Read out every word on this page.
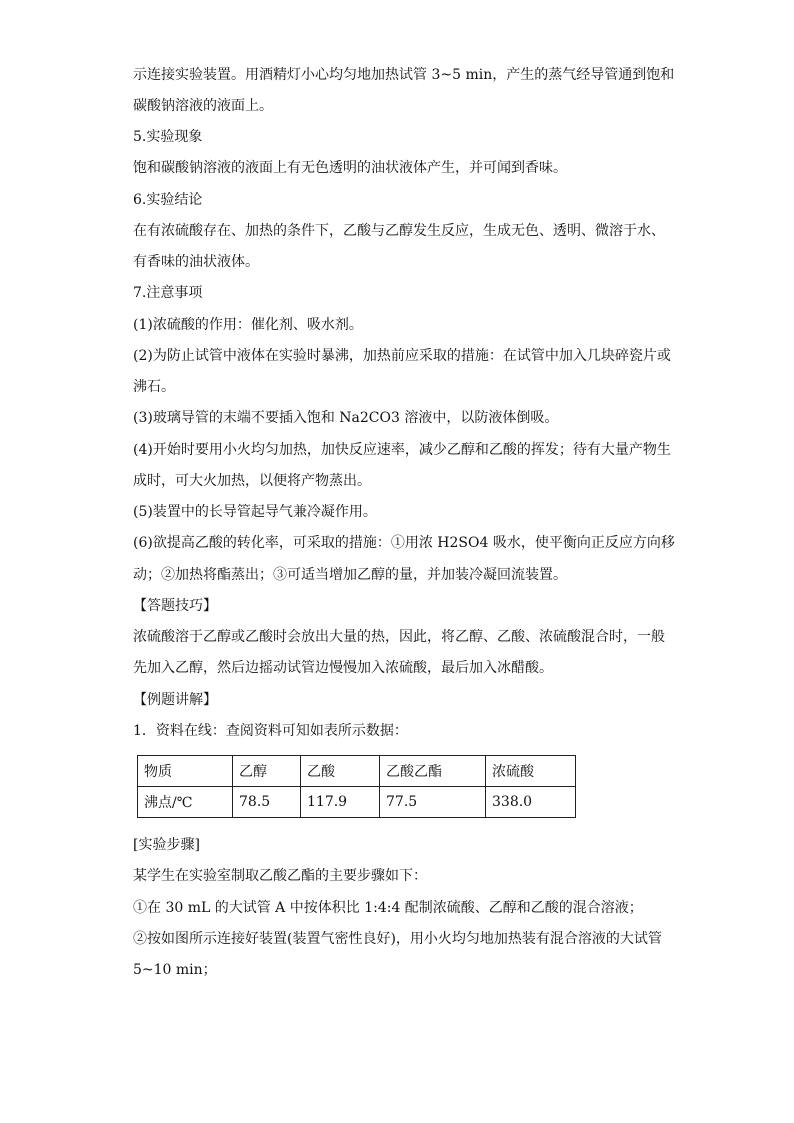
示连接实验装置。用酒精灯小心均匀地加热试管 3~5 min，产生的蒸气经导管通到饱和
碳酸钠溶液的液面上。
5.实验现象
饱和碳酸钠溶液的液面上有无色透明的油状液体产生，并可闻到香味。
6.实验结论
在有浓硫酸存在、加热的条件下，乙酸与乙醇发生反应，生成无色、透明、微溶于水、
有香味的油状液体。
7.注意事项
(1)浓硫酸的作用：催化剂、吸水剂。
(2)为防止试管中液体在实验时暴沸，加热前应采取的措施：在试管中加入几块碎瓷片或
沸石。
(3)玻璃导管的末端不要插入饱和 Na2CO3 溶液中，以防液体倒吸。
(4)开始时要用小火均匀加热，加快反应速率，减少乙醇和乙酸的挥发；待有大量产物生
成时，可大火加热，以便将产物蒸出。
(5)装置中的长导管起导气兼冷凝作用。
(6)欲提高乙酸的转化率，可采取的措施：①用浓 H2SO4 吸水，使平衡向正反应方向移
动；②加热将酯蒸出；③可适当增加乙醇的量，并加装冷凝回流装置。
【答题技巧】
浓硫酸溶于乙醇或乙酸时会放出大量的热，因此，将乙醇、乙酸、浓硫酸混合时，一般
先加入乙醇，然后边摇动试管边慢慢加入浓硫酸，最后加入冰醋酸。
【例题讲解】
1．资料在线：查阅资料可知如表所示数据：
物质	乙醇	乙酸	乙酸乙酯	浓硫酸
沸点/℃	78.5	117.9	77.5	338.0
[实验步骤]
某学生在实验室制取乙酸乙酯的主要步骤如下：
①在 30 mL 的大试管 A 中按体积比 1:4:4 配制浓硫酸、乙醇和乙酸的混合溶液；
②按如图所示连接好装置(装置气密性良好)，用小火均匀地加热装有混合溶液的大试管
5~10 min；
